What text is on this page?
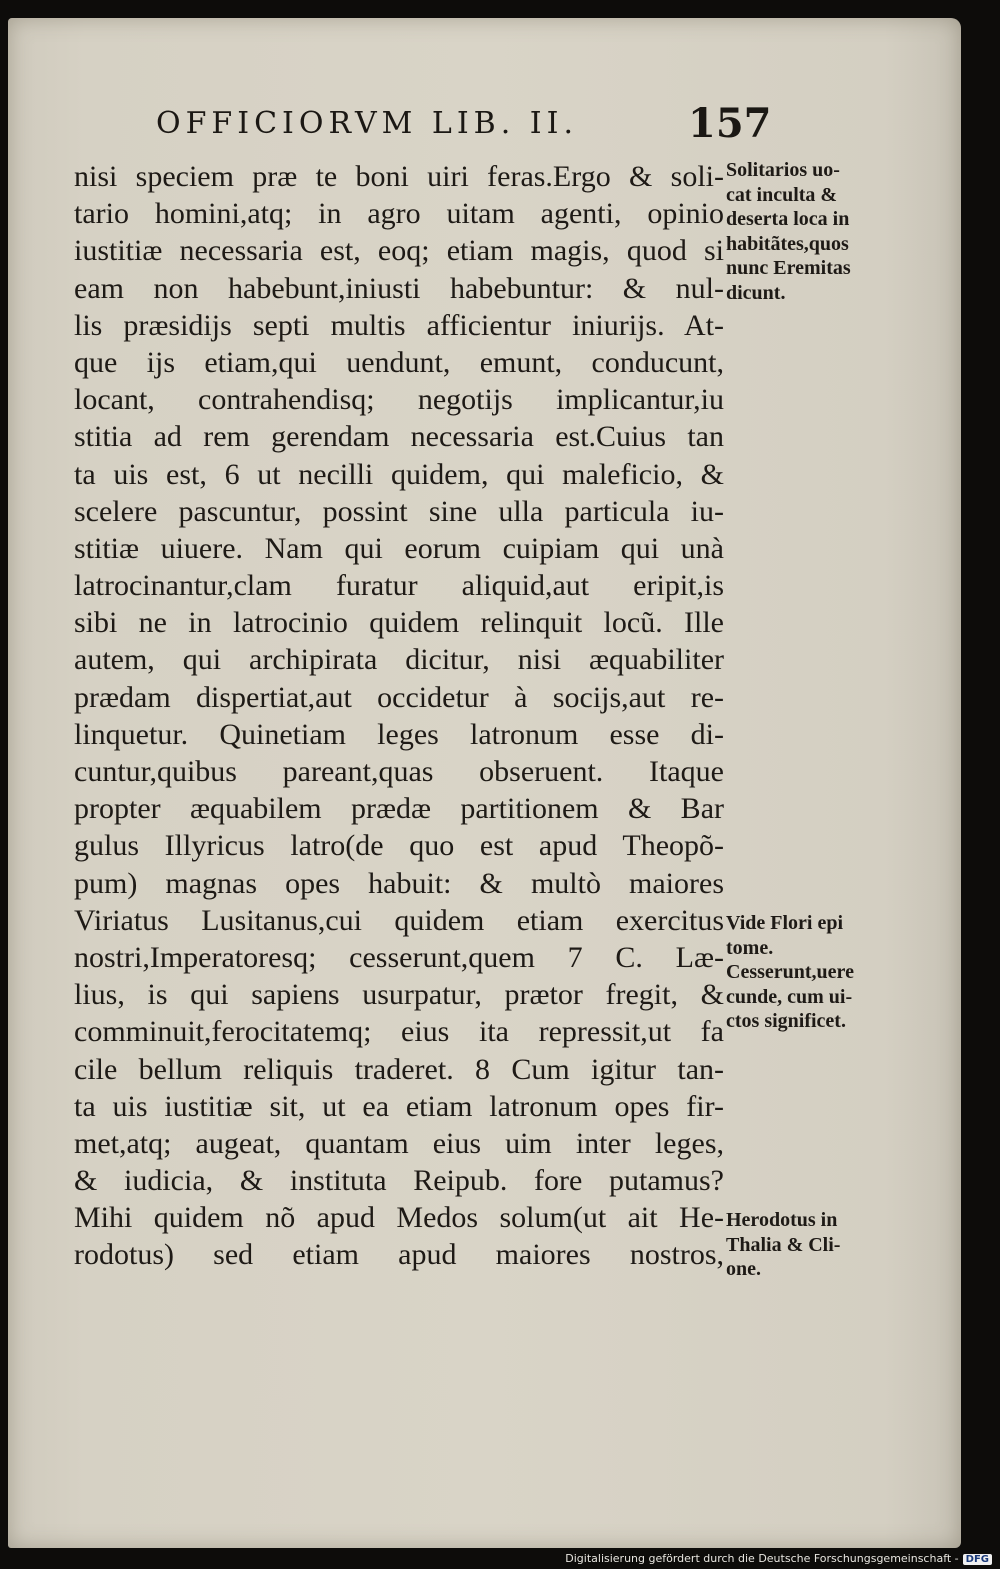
OFFICIORVM LIB. II.	157
nisi speciem præ te boni uiri feras.Ergo & soli-
tario homini,atq; in agro uitam agenti, opinio
iustitiæ necessaria est, eoq; etiam magis, quod si
eam non habebunt,iniusti habebuntur: & nul-
lis præsidijs septi multis afficientur iniurijs. At-
que ijs etiam,qui uendunt, emunt, conducunt,
locant, contrahendisq; negotijs implicantur,iu
stitia ad rem gerendam necessaria est.Cuius tan
ta uis est, 6 ut necilli quidem, qui maleficio, &
scelere pascuntur, possint sine ulla particula iu-
stitiæ uiuere. Nam qui eorum cuipiam qui unà
latrocinantur,clam furatur aliquid,aut eripit,is
sibi ne in latrocinio quidem relinquit locũ. Ille
autem, qui archipirata dicitur, nisi æquabiliter
prædam dispertiat,aut occidetur à socijs,aut re-
linquetur. Quinetiam leges latronum esse di-
cuntur,quibus pareant,quas obseruent. Itaque
propter æquabilem prædæ partitionem & Bar
gulus Illyricus latro(de quo est apud Theopõ-
pum) magnas opes habuit: & multò maiores
Viriatus Lusitanus,cui quidem etiam exercitus
nostri,Imperatoresq; cesserunt,quem 7 C. Læ-
lius, is qui sapiens usurpatur, prætor fregit, &
comminuit,ferocitatemq; eius ita repressit,ut fa
cile bellum reliquis traderet. 8 Cum igitur tan-
ta uis iustitiæ sit, ut ea etiam latronum opes fir-
met,atq; augeat, quantam eius uim inter leges,
& iudicia, & instituta Reipub. fore putamus?
Mihi quidem nõ apud Medos solum(ut ait He-
rodotus) sed etiam apud maiores nostros,
Solitarios uo-
cat inculta &
deserta loca in
habitãtes,quos
nunc Eremitas
dicunt.
Vide Flori epi
tome.
Cesserunt,uere
cunde, cum ui-
ctos significet.
Herodotus in
Thalia & Cli-
one.
Digitalisierung gefördert durch die Deutsche Forschungsgemeinschaft - DFG
